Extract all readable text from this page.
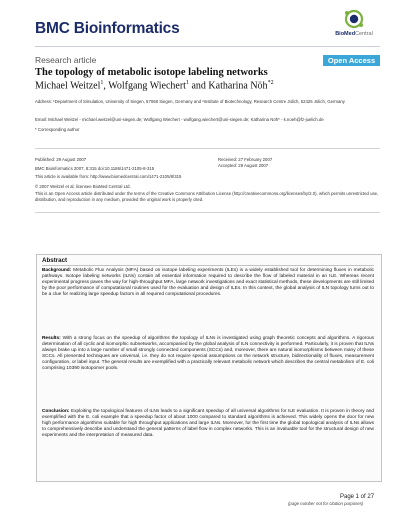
BMC Bioinformatics	BioMedCentral
Research article	Open Access
The topology of metabolic isotope labeling networks
Michael Weitzel$^1$, Wolfgang Wiechert$^1$ and Katharina Nöh$^{*2}$
Address: ¹Department of Simulation, University of Siegen, 57068 Siegen, Germany and ²Institute of Biotechnology, Research Centre Jülich, 52425 Jülich, Germany
Email: Michael Weitzel - michael.weitzel@uni-siegen.de; Wolfgang Wiechert - wolfgang.wiechert@uni-siegen.de; Katharina Nöh* - k.noeh@fz-juelich.de
* Corresponding author
Published: 29 August 2007
BMC Bioinformatics 2007, 8:315 doi:10.1186/1471-2105-8-315
Received: 27 February 2007
Accepted: 29 August 2007
This article is available from: http://www.biomedcentral.com/1471-2105/8/315
© 2007 Weitzel et al; licensee BioMed Central Ltd.
This is an Open Access article distributed under the terms of the Creative Commons Attribution License (http://creativecommons.org/licenses/by/2.0), which permits unrestricted use, distribution, and reproduction in any medium, provided the original work is properly cited.
Abstract
Background: Metabolic Flux Analysis (MFA) based on isotope labeling experiments (ILEs) is a widely established tool for determining fluxes in metabolic pathways. Isotope labeling networks (ILNs) contain all essential information required to describe the flow of labeled material in an ILE. Whereas recent experimental progress paves the way for high-throughput MFA, large network investigations and exact statistical methods, these developments are still limited by the poor performance of computational routines used for the evaluation and design of ILEs. In this context, the global analysis of ILN topology turns out to be a clue for realizing large speedup factors in all required computational procedures.
Results: With a strong focus on the speedup of algorithms the topology of ILNs is investigated using graph theoretic concepts and algorithms. A rigorous determination of all cyclic and isomorphic subnetworks, accompanied by the global analysis of ILN connectivity is performed. Particularly, it is proven that ILNs always brake up into a large number of small strongly connected components (SCCs) and, moreover, there are natural isomorphisms between many of these SCCs. All presented techniques are universal, i.e. they do not require special assumptions on the network structure, bidirectionality of fluxes, measurement configuration, or label input. The general results are exemplified with a practically relevant metabolic network which describes the central metabolism of E. coli comprising 10390 isotopomer pools.
Conclusion: Exploiting the topological features of ILNs leads to a significant speedup of all universal algorithms for ILE evaluation. It is proven in theory and exemplified with the E. coli example that a speedup factor of about 1000 compared to standard algorithms is achieved. This widely opens the door for new high performance algorithms suitable for high throughput applications and large ILNs. Moreover, for the first time the global topological analysis of ILNs allows to comprehensively describe and understand the general patterns of label flow in complex networks. This is an invaluable tool for the structural design of new experiments and the interpretation of measured data.
Page 1 of 27
(page number not for citation purposes)
